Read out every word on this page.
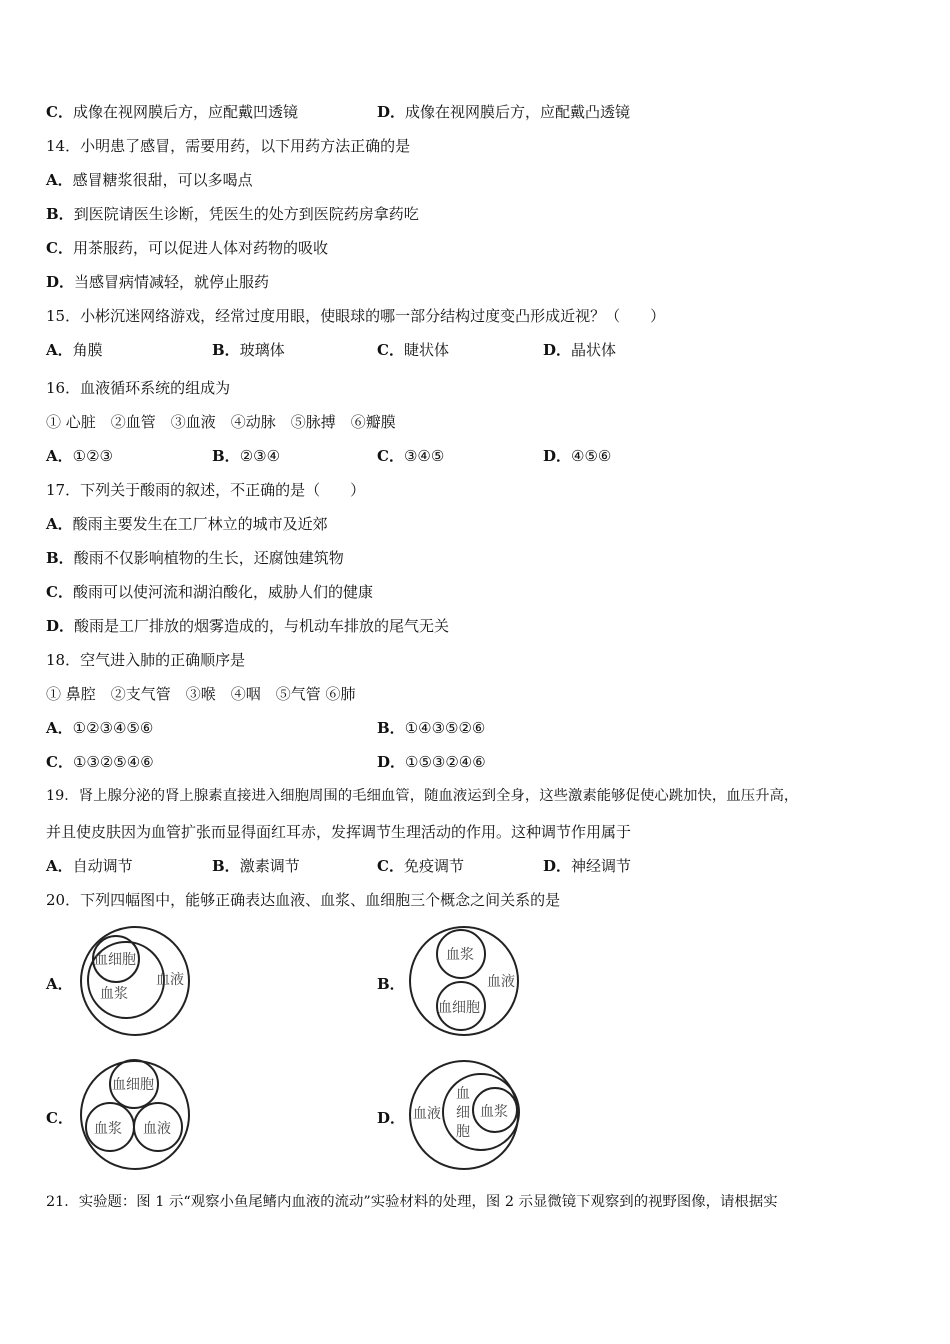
C．成像在视网膜后方，应配戴凹透镜	D．成像在视网膜后方，应配戴凸透镜
14．小明患了感冒，需要用药，以下用药方法正确的是
A．感冒糖浆很甜，可以多喝点
B．到医院请医生诊断，凭医生的处方到医院药房拿药吃
C．用茶服药，可以促进人体对药物的吸收
D．当感冒病情减轻，就停止服药
15．小彬沉迷网络游戏，经常过度用眼，使眼球的哪一部分结构过度变凸形成近视？（　　）
A．角膜	B．玻璃体	C．睫状体	D．晶状体
16．血液循环系统的组成为
① 心脏　②血管　③血液　④动脉　⑤脉搏　⑥瓣膜
A．①②③	B．②③④	C．③④⑤	D．④⑤⑥
17．下列关于酸雨的叙述，不正确的是（　　）
A．酸雨主要发生在工厂林立的城市及近郊
B．酸雨不仅影响植物的生长，还腐蚀建筑物
C．酸雨可以使河流和湖泊酸化，威胁人们的健康
D．酸雨是工厂排放的烟雾造成的，与机动车排放的尾气无关
18．空气进入肺的正确顺序是
① 鼻腔　②支气管　③喉　④咽　⑤气管 ⑥肺
A．①②③④⑤⑥	B．①④③⑤②⑥
C．①③②⑤④⑥	D．①⑤③②④⑥
19．肾上腺分泌的肾上腺素直接进入细胞周围的毛细血管，随血液运到全身，这些激素能够促使心跳加快，血压升高，
并且使皮肤因为血管扩张而显得面红耳赤，发挥调节生理活动的作用。这种调节作用属于
A．自动调节	B．激素调节	C．免疫调节	D．神经调节
20．下列四幅图中，能够正确表达血液、血浆、血细胞三个概念之间关系的是
A．
血细胞
血浆
血液	B．
血浆
血液
血细胞
C．
血细胞
血浆 血液
D． 血液
血
细
胞
血浆
21．实验题：图 1 示“观察小鱼尾鳍内血液的流动”实验材料的处理，图 2 示显微镜下观察到的视野图像，请根据实
